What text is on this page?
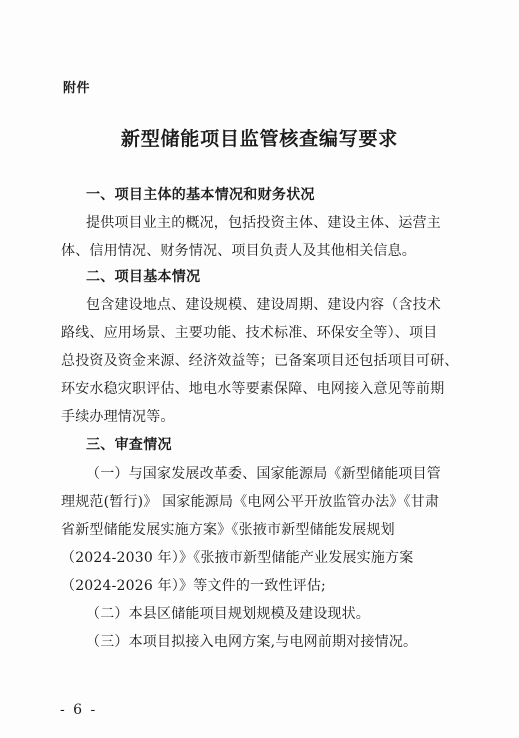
附件
新型储能项目监管核查编写要求
一、项目主体的基本情况和财务状况
提供项目业主的概况，包括投资主体、建设主体、运营主
体、信用情况、财务情况、项目负责人及其他相关信息。
二、项目基本情况
包含建设地点、建设规模、建设周期、建设内容（含技术
路线、应用场景、主要功能、技术标准、环保安全等）、项目
总投资及资金来源、经济效益等；已备案项目还包括项目可研、
环安水稳灾职评估、地电水等要素保障、电网接入意见等前期
手续办理情况等。
三、审查情况
（一）与国家发展改革委、国家能源局《新型储能项目管
理规范(暂行)》 国家能源局《电网公平开放监管办法》《甘肃
省新型储能发展实施方案》《张掖市新型储能发展规划
（2024-2030 年）》《张掖市新型储能产业发展实施方案
（2024-2026 年）》等文件的一致性评估;
（二）本县区储能项目规划规模及建设现状。
（三）本项目拟接入电网方案,与电网前期对接情况。
- 6 -
